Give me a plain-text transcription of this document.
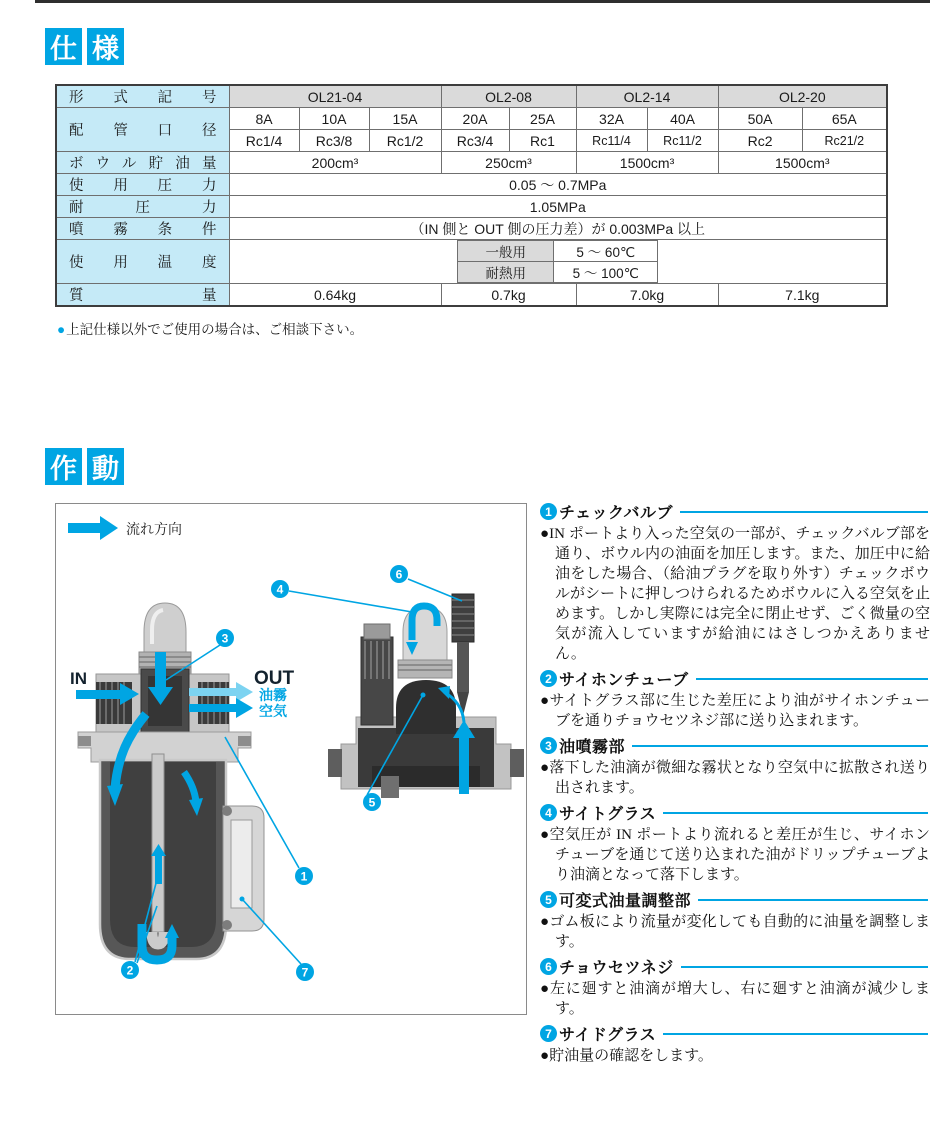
仕 様
形式記号	OL21-04	OL2-08	OL2-14	OL2-20
配管口径	8A	10A	15A	20A	25A	32A	40A	50A	65A
Rc1/4	Rc3/8	Rc1/2	Rc3/4	Rc1	Rc11/4	Rc11/2	Rc2	Rc21/2
ボウル貯油量	200cm³	250cm³	1500cm³	1500cm³
使用圧力	0.05 〜 0.7MPa
耐圧力	1.05MPa
噴霧条件	（IN 側と OUT 側の圧力差）が 0.003MPa 以上
使用温度	
一般用	5 〜 60℃
耐熱用	5 〜 100℃

質量	0.64kg	0.7kg	7.0kg	7.1kg
●上記仕様以外でご使用の場合は、ご相談下さい。
作 動
流れ方向
IN	OUT
油霧
空気
1
2
3
4
5
6
7
1 チェックバルブ

●IN ポートより入った空気の一部が、チェックバルブ部を通り、ボウル内の油面を加圧します。また、加圧中に給油をした場合、（給油プラグを取り外す）チェックボウルがシートに押しつけられるためボウルに入る空気を止めます。しかし実際には完全に閉止せず、ごく微量の空気が流入していますが給油にはさしつかえありません。

2 サイホンチューブ

●サイトグラス部に生じた差圧により油がサイホンチューブを通りチョウセツネジ部に送り込まれます。

3 油噴霧部

●落下した油滴が微細な霧状となり空気中に拡散され送り出されます。

4 サイトグラス

●空気圧が IN ポートより流れると差圧が生じ、サイホンチューブを通じて送り込まれた油がドリップチューブより油滴となって落下します。

5 可変式油量調整部

●ゴム板により流量が変化しても自動的に油量を調整します。

6 チョウセツネジ

●左に廻すと油滴が増大し、右に廻すと油滴が減少します。

7 サイドグラス

●貯油量の確認をします。
